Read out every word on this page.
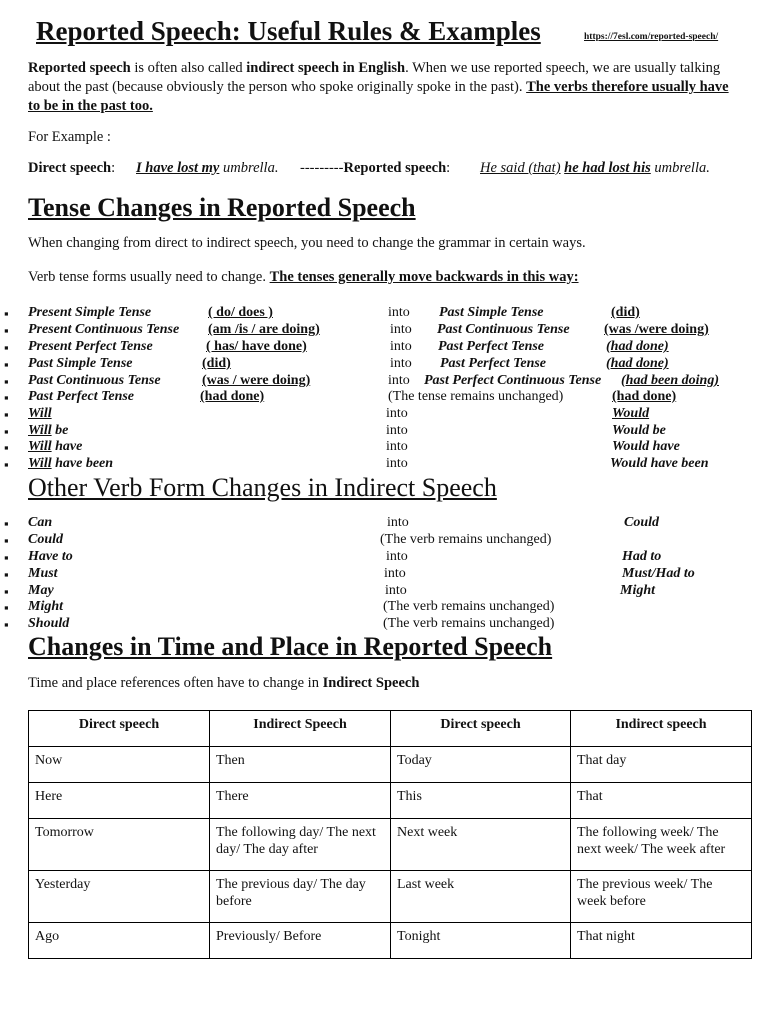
Reported Speech: Useful Rules & Examples	https://7esl.com/reported-speech/
Reported speech is often also called indirect speech in English. When we use reported speech, we are usually talking about the past (because obviously the person who spoke originally spoke in the past). The verbs therefore usually have to be in the past too.
For Example :
Direct speech: I have lost my umbrella. ---------Reported speech: He said (that) he had lost his umbrella.
Tense Changes in Reported Speech
When changing from direct to indirect speech, you need to change the grammar in certain ways.
Verb tense forms usually need to change. The tenses generally move backwards in this way:
▪ Present Simple Tense	( do/ does )	into Past Simple Tense	(did)
▪ Present Continuous Tense (am /is / are doing)	into Past Continuous Tense (was /were doing)
▪ Present Perfect Tense	( has/ have done)	into Past Perfect Tense	(had done)
▪ Past Simple Tense	(did)	into Past Perfect Tense	(had done)
▪ Past Continuous Tense	(was / were doing)	into Past Perfect Continuous Tense (had been doing)
▪ Past Perfect Tense	(had done)	(The tense remains unchanged)	(had done)
▪ Will	into	Would
▪ Will be	into	Would be
▪ Will have	into	Would have
▪ Will have been	into	Would have been
Other Verb Form Changes in Indirect Speech
▪ Can	into	Could
▪ Could	(The verb remains unchanged)
▪ Have to	into	Had to
▪ Must	into	Must/Had to
▪ May	into	Might
▪ Might	(The verb remains unchanged)
▪ Should	(The verb remains unchanged)
Changes in Time and Place in Reported Speech
Time and place references often have to change in Indirect Speech
Direct speech	Indirect Speech	Direct speech	Indirect speech
Now	Then	Today	That day
Here	There	This	That
Tomorrow	The following day/ The next day/ The day after	Next week	The following week/ The next week/ The week after
Yesterday	The previous day/ The day before	Last week	The previous week/ The week before
Ago	Previously/ Before	Tonight	That night
